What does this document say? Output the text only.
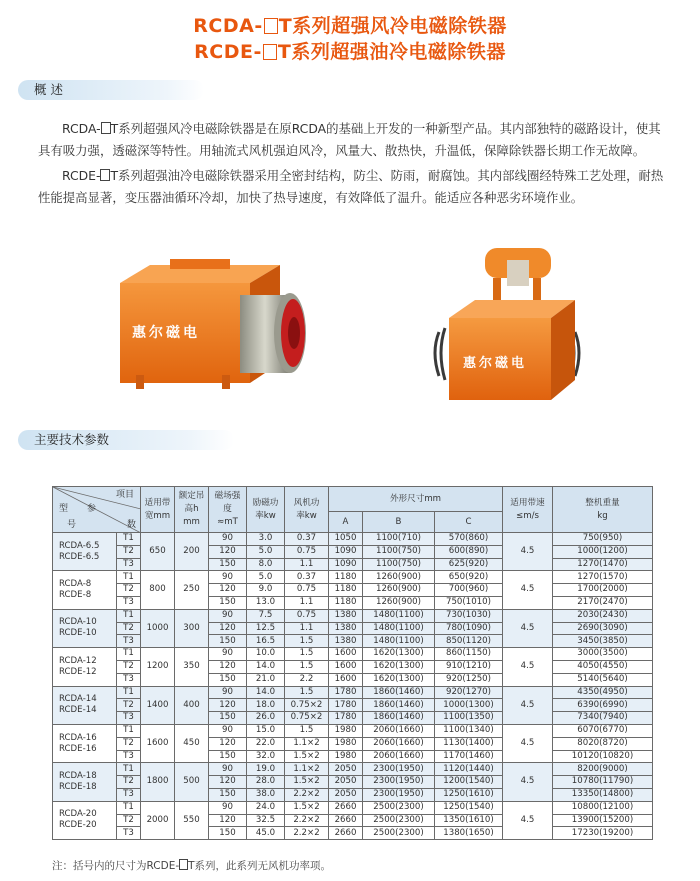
RCDA- T系列超强风冷电磁除铁器
RCDE- T系列超强油冷电磁除铁器
概 述
RCDA- T系列超强风冷电磁除铁器是在原RCDA的基础上开发的一种新型产品。其内部独特的磁路设计，使其具有吸力强，透磁深等特性。用轴流式风机强迫风冷，风量大、散热快，升温低，保障除铁器长期工作无故障。
RCDE- T系列超强油冷电磁除铁器采用全密封结构，防尘、防雨，耐腐蚀。其内部线圈经特殊工艺处理，耐热性能提高显著，变压器油循环冷却，加快了热导速度，有效降低了温升。能适应各种恶劣环境作业。
惠尔磁电
惠尔磁电
主要技术参数
项目
参
型
数
号		适用带宽mm	额定吊高h mm	磁场强度≈mT	励磁功率kw	风机功率kw	外形尺寸mm			适用带速≤m/s	整机重量kg
							A	B	C		
RCDA-6.5
RCDE-6.5	T1	650	200	90	3.0	0.37	1050	1100(710)	570(860)	4.5	750(950)
	T2			120	5.0	0.75	1090	1100(750)	600(890)		1000(1200)
	T3			150	8.0	1.1	1090	1100(750)	625(920)		1270(1470)
RCDA-8
RCDE-8	T1	800	250	90	5.0	0.37	1180	1260(900)	650(920)	4.5	1270(1570)
	T2			120	9.0	0.75	1180	1260(900)	700(960)		1700(2000)
	T3			150	13.0	1.1	1180	1260(900)	750(1010)		2170(2470)
RCDA-10
RCDE-10	T1	1000	300	90	7.5	0.75	1380	1480(1100)	730(1030)	4.5	2030(2430)
	T2			120	12.5	1.1	1380	1480(1100)	780(1090)		2690(3090)
	T3			150	16.5	1.5	1380	1480(1100)	850(1120)		3450(3850)
RCDA-12
RCDE-12	T1	1200	350	90	10.0	1.5	1600	1620(1300)	860(1150)	4.5	3000(3500)
	T2			120	14.0	1.5	1600	1620(1300)	910(1210)		4050(4550)
	T3			150	21.0	2.2	1600	1620(1300)	920(1250)		5140(5640)
RCDA-14
RCDE-14	T1	1400	400	90	14.0	1.5	1780	1860(1460)	920(1270)	4.5	4350(4950)
	T2			120	18.0	0.75×2	1780	1860(1460)	1000(1300)		6390(6990)
	T3			150	26.0	0.75×2	1780	1860(1460)	1100(1350)		7340(7940)
RCDA-16
RCDE-16	T1	1600	450	90	15.0	1.5	1980	2060(1660)	1100(1340)	4.5	6070(6770)
	T2			120	22.0	1.1×2	1980	2060(1660)	1130(1400)		8020(8720)
	T3			150	32.0	1.5×2	1980	2060(1660)	1170(1460)		10120(10820)
RCDA-18
RCDE-18	T1	1800	500	90	19.0	1.1×2	2050	2300(1950)	1120(1440)	4.5	8200(9000)
	T2			120	28.0	1.5×2	2050	2300(1950)	1200(1540)		10780(11790)
	T3			150	38.0	2.2×2	2050	2300(1950)	1250(1610)		13350(14800)
RCDA-20
RCDE-20	T1	2000	550	90	24.0	1.5×2	2660	2500(2300)	1250(1540)	4.5	10800(12100)
	T2			120	32.5	2.2×2	2660	2500(2300)	1350(1610)		13900(15200)
	T3			150	45.0	2.2×2	2660	2500(2300)	1380(1650)		17230(19200)
注：括号内的尺寸为RCDE- T系列，此系列无风机功率项。
